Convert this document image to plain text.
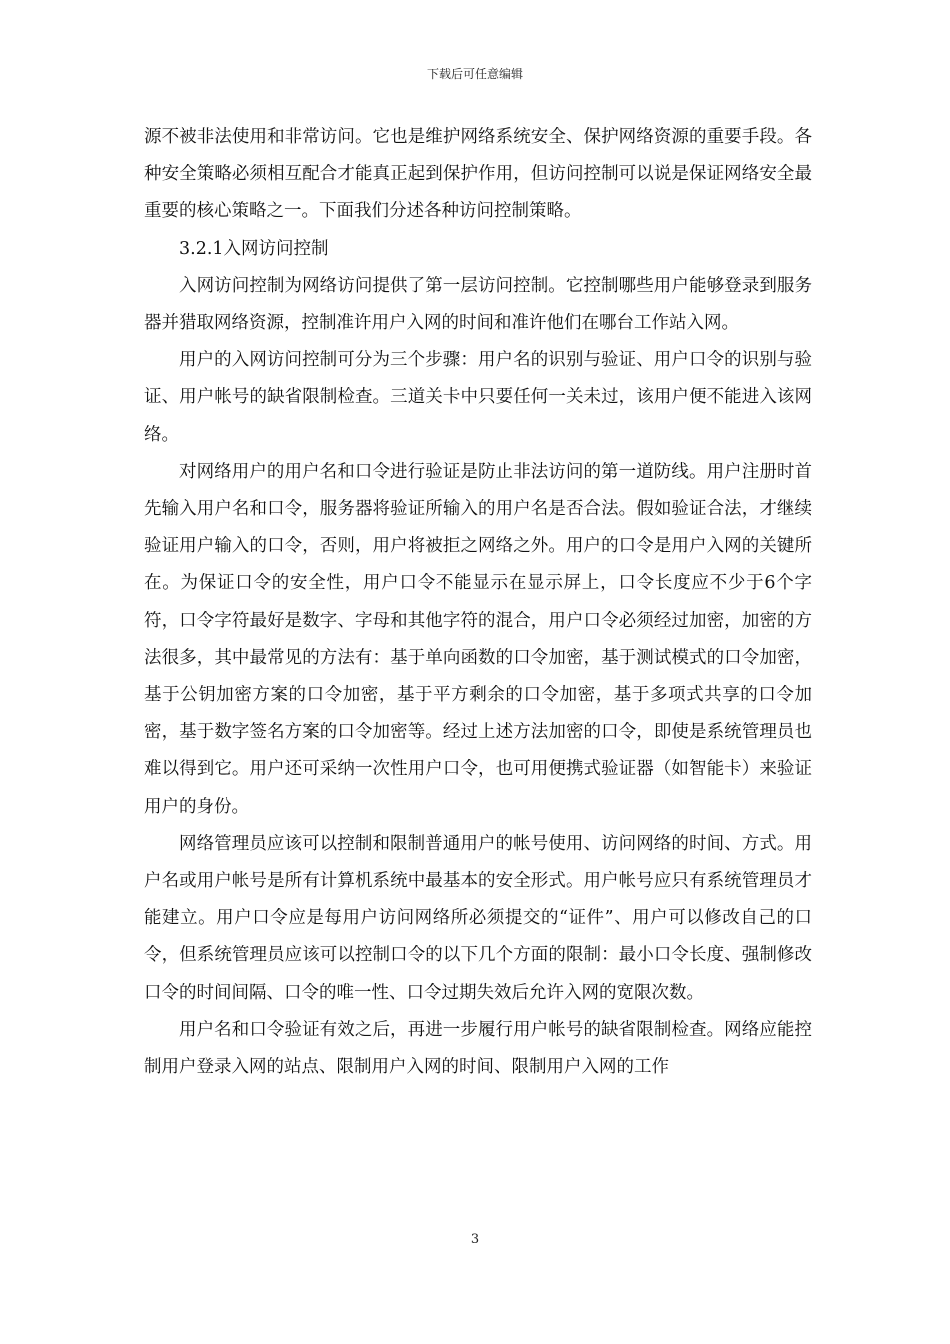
下载后可任意编辑

源不被非法使用和非常访问。它也是维护网络系统安全、保护网络资源的重要手段。各种安全策略必须相互配合才能真正起到保护作用，但访问控制可以说是保证网络安全最重要的核心策略之一。下面我们分述各种访问控制策略。

3.2.1入网访问控制

入网访问控制为网络访问提供了第一层访问控制。它控制哪些用户能够登录到服务器并猎取网络资源，控制准许用户入网的时间和准许他们在哪台工作站入网。

用户的入网访问控制可分为三个步骤：用户名的识别与验证、用户口令的识别与验证、用户帐号的缺省限制检查。三道关卡中只要任何一关未过，该用户便不能进入该网络。

对网络用户的用户名和口令进行验证是防止非法访问的第一道防线。用户注册时首先输入用户名和口令，服务器将验证所输入的用户名是否合法。假如验证合法，才继续验证用户输入的口令，否则，用户将被拒之网络之外。用户的口令是用户入网的关键所在。为保证口令的安全性，用户口令不能显示在显示屏上，口令长度应不少于6个字符，口令字符最好是数字、字母和其他字符的混合，用户口令必须经过加密，加密的方法很多，其中最常见的方法有：基于单向函数的口令加密，基于测试模式的口令加密，基于公钥加密方案的口令加密，基于平方剩余的口令加密，基于多项式共享的口令加密，基于数字签名方案的口令加密等。经过上述方法加密的口令，即使是系统管理员也难以得到它。用户还可采纳一次性用户口令，也可用便携式验证器（如智能卡）来验证用户的身份。

网络管理员应该可以控制和限制普通用户的帐号使用、访问网络的时间、方式。用户名或用户帐号是所有计算机系统中最基本的安全形式。用户帐号应只有系统管理员才能建立。用户口令应是每用户访问网络所必须提交的“证件”、用户可以修改自己的口令，但系统管理员应该可以控制口令的以下几个方面的限制：最小口令长度、强制修改口令的时间间隔、口令的唯一性、口令过期失效后允许入网的宽限次数。

用户名和口令验证有效之后，再进一步履行用户帐号的缺省限制检查。网络应能控制用户登录入网的站点、限制用户入网的时间、限制用户入网的工作

3
